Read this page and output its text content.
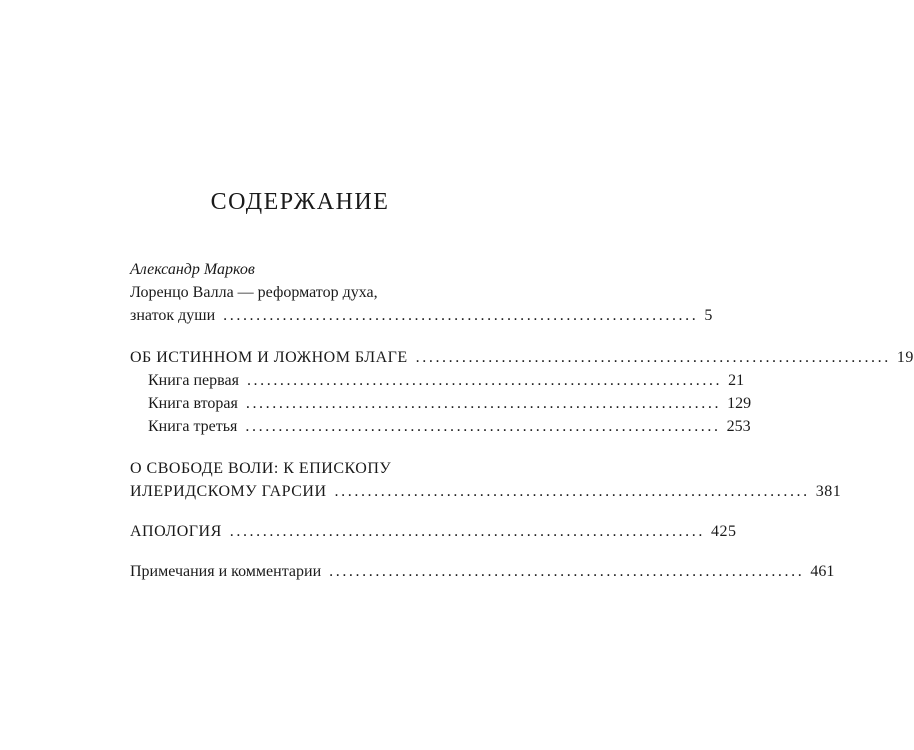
СОДЕРЖАНИЕ
Александр Марков
Лоренцо Валла — реформатор духа,
знаток души ........................................................................ 5
ОБ ИСТИННОМ И ЛОЖНОМ БЛАГЕ ........................................................................ 19
Книга первая ........................................................................ 21
Книга вторая ........................................................................ 129
Книга третья ........................................................................ 253
О СВОБОДЕ ВОЛИ: К ЕПИСКОПУ
ИЛЕРИДСКОМУ ГАРСИИ ........................................................................ 381
АПОЛОГИЯ ........................................................................ 425
Примечания и комментарии ........................................................................ 461
